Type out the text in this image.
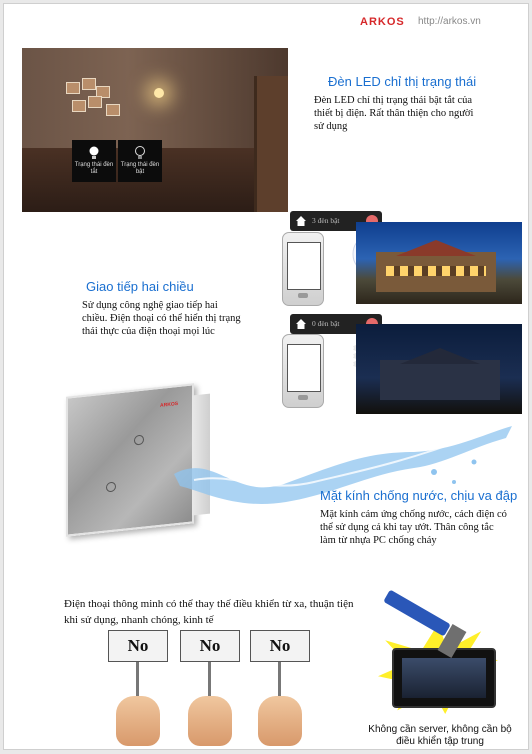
ARKOS http://arkos.vn
Trạng thái đèn tắt
Trạng thái đèn bật
Đèn LED chỉ thị trạng thái

Đèn LED chỉ thị trạng thái bật tắt của thiết bị điện. Rất thân thiện cho người sử dụng

Giao tiếp hai chiều

Sử dụng công nghệ giao tiếp hai chiều. Điện thoại có thể hiển thị trạng thái thực của điện thoại mọi lúc

3 đèn bật
0 đèn bật
ARKOS
Mặt kính chống nước, chịu va đập

Mặt kính cảm ứng chống nước, cách điện có thể sử dụng cả khi tay ướt. Thân công tắc làm từ nhựa PC chống cháy

Điện thoại thông minh có thể thay thế điều khiển từ xa, thuận tiện khi sử dụng, nhanh chóng, kinh tế

No	No	No

Không cần server, không cần bộ điều khiển tập trung
